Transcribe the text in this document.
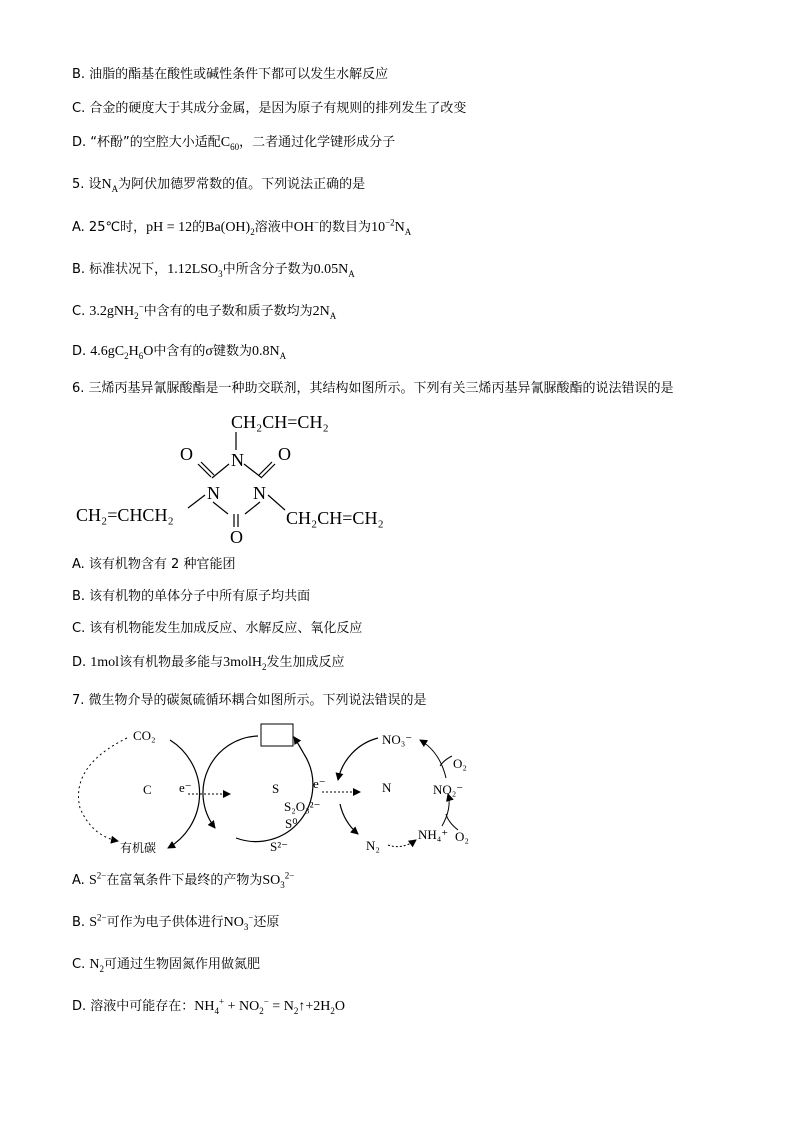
B. 油脂的酯基在酸性或碱性条件下都可以发生水解反应
C. 合金的硬度大于其成分金属，是因为原子有规则的排列发生了改变
D. “杯酚”的空腔大小适配$C_{60}$，二者通过化学键形成分子
5. 设$N_A$为阿伏加德罗常数的值。下列说法正确的是
A. 25℃时，pH = 12的$Ba(OH)_2$溶液中OH−的数目为$10^{-2}N_A$
B. 标准状况下，$1.12LSO_3$中所含分子数为$0.05N_A$
C. 3.2gNH$_2$−中含有的电子数和质子数均为$2N_A$
D. $4.6gC_2H_6O$中含有的σ键数为$0.8N_A$
6. 三烯丙基异氰脲酸酯是一种助交联剂，其结构如图所示。下列有关三烯丙基异氰脲酸酯的说法错误的是
CH₂CH=CH₂
CH₂=CHCH₂	CH₂CH=CH₂
O	O
O
N
N N
A. 该有机物含有 2 种官能团
B. 该有机物的单体分子中所有原子均共面
C. 该有机物能发生加成反应、水解反应、氧化反应
D. 1mol该有机物最多能与3molH$_2$发生加成反应
7. 微生物介导的碳氮硫循环耦合如图所示。下列说法错误的是
CO₂
C
有机碳
e⁻	S	e⁻
S₂O₃²⁻
S⁰
S²⁻
N
NO₃⁻
O₂
NO₂⁻
N₂
NH₄⁺ O₂
A. $S^{2-}$在富氧条件下最终的产物为$SO_3^{2-}$
B. $S^{2-}$可作为电子供体进行$NO_3^-$还原
C. $N_2$可通过生物固氮作用做氮肥
D. 溶液中可能存在：$NH_4^+ + NO_2^-$ = $N_2↑+2H_2O$
